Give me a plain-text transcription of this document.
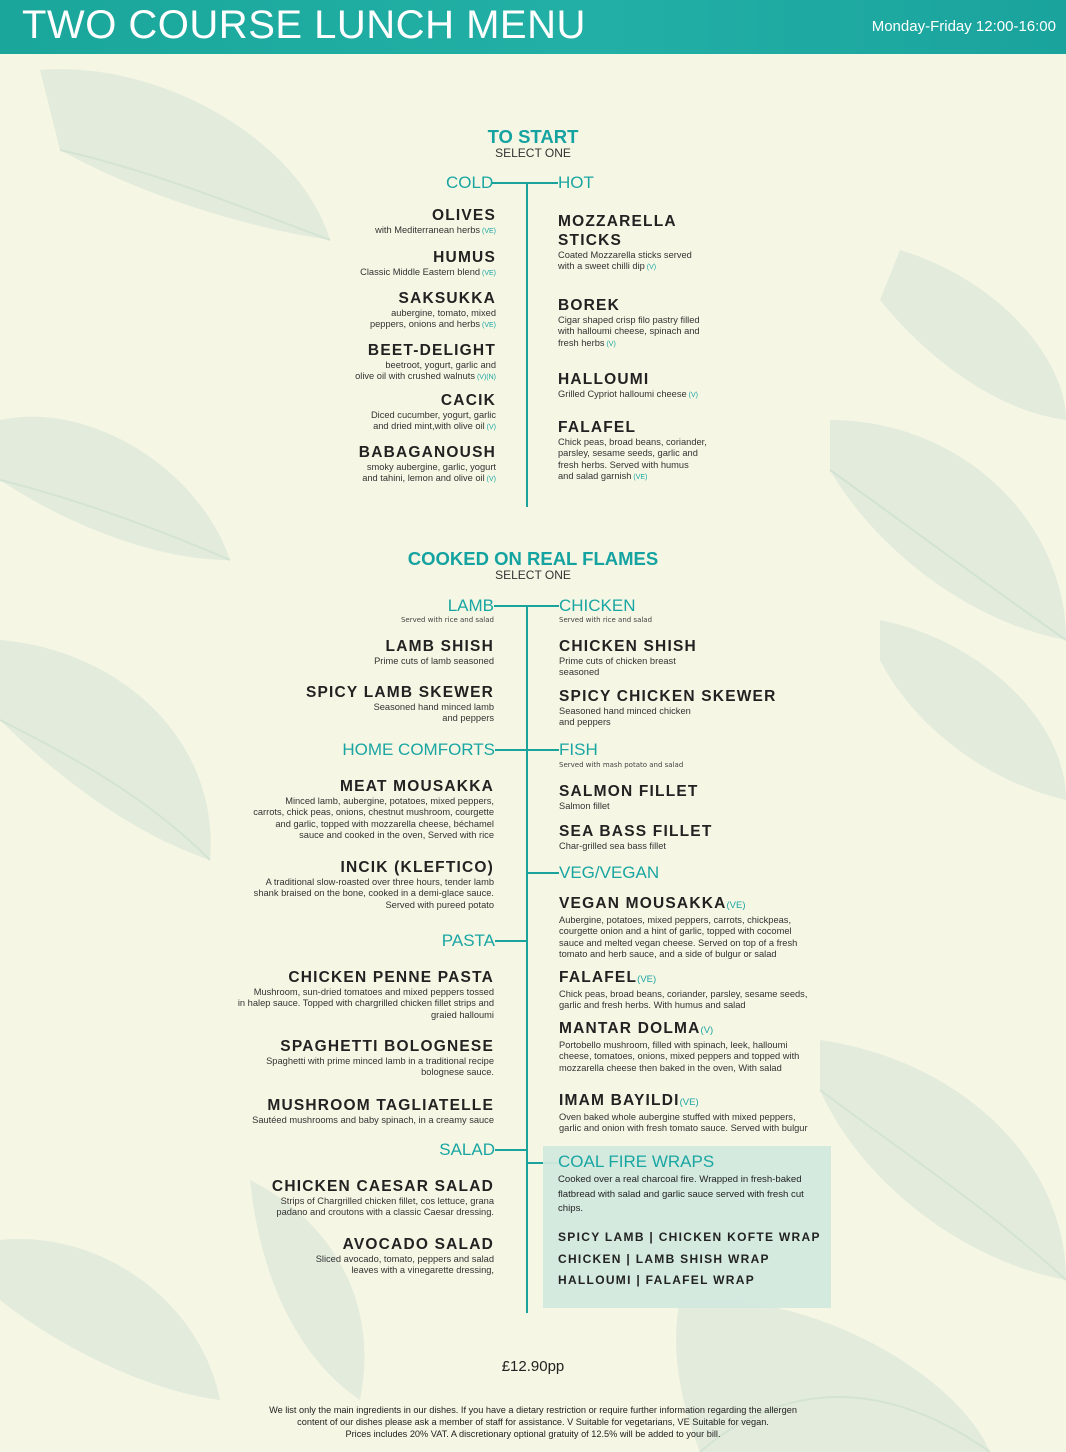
TWO COURSE LUNCH MENU	Monday-Friday 12:00-16:00
TO START
SELECT ONE
COLD	HOT
OLIVES
with Mediterranean herbs (VE)
HUMUS
Classic Middle Eastern blend (VE)
SAKSUKKA
aubergine, tomato, mixed
peppers, onions and herbs (VE)
BEET-DELIGHT
beetroot, yogurt, garlic and
olive oil with crushed walnuts (V)(N)
CACIK
Diced cucumber, yogurt, garlic
and dried mint,with olive oil (V)
BABAGANOUSH
smoky aubergine, garlic, yogurt
and tahini, lemon and olive oil (V)
MOZZARELLA
STICKS
Coated Mozzarella sticks served
with a sweet chilli dip (V)
BOREK
Cigar shaped crisp filo pastry filled
with halloumi cheese, spinach and
fresh herbs (V)
HALLOUMI
Grilled Cypriot halloumi cheese (V)
FALAFEL
Chick peas, broad beans, coriander,
parsley, sesame seeds, garlic and
fresh herbs. Served with humus
and salad garnish (VE)
COOKED ON REAL FLAMES
SELECT ONE
LAMB
Served with rice and salad
CHICKEN
Served with rice and salad
HOME COMFORTS	FISH
Served with mash potato and salad
VEG/VEGAN
PASTA
SALAD
LAMB SHISH
Prime cuts of lamb seasoned
SPICY LAMB SKEWER
Seasoned hand minced lamb
and peppers
MEAT MOUSAKKA
Minced lamb, aubergine, potatoes, mixed peppers,
carrots, chick peas, onions, chestnut mushroom, courgette
and garlic, topped with mozzarella cheese, béchamel
sauce and cooked in the oven, Served with rice
INCIK (KLEFTICO)
A traditional slow-roasted over three hours, tender lamb
shank braised on the bone, cooked in a demi-glace sauce.
Served with pureed potato
CHICKEN PENNE PASTA
Mushroom, sun-dried tomatoes and mixed peppers tossed
in halep sauce. Topped with chargrilled chicken fillet strips and
graied halloumi
SPAGHETTI BOLOGNESE
Spaghetti with prime minced lamb in a traditional recipe
bolognese sauce.
MUSHROOM TAGLIATELLE
Sautéed mushrooms and baby spinach, in a creamy sauce
CHICKEN CAESAR SALAD
Strips of Chargrilled chicken fillet, cos lettuce, grana
padano and croutons with a classic Caesar dressing.
AVOCADO SALAD
Sliced avocado, tomato, peppers and salad
leaves with a vinegarette dressing,
CHICKEN SHISH
Prime cuts of chicken breast
seasoned
SPICY CHICKEN SKEWER
Seasoned hand minced chicken
and peppers
SALMON FILLET
Salmon fillet
SEA BASS FILLET
Char-grilled sea bass fillet
VEGAN MOUSAKKA(VE)
Aubergine, potatoes, mixed peppers, carrots, chickpeas,
courgette onion and a hint of garlic, topped with cocomel
sauce and melted vegan cheese. Served on top of a fresh
tomato and herb sauce, and a side of bulgur or salad
FALAFEL(VE)
Chick peas, broad beans, coriander, parsley, sesame seeds,
garlic and fresh herbs. With humus and salad
MANTAR DOLMA(V)
Portobello mushroom, filled with spinach, leek, halloumi
cheese, tomatoes, onions, mixed peppers and topped with
mozzarella cheese then baked in the oven, With salad
IMAM BAYILDI(VE)
Oven baked whole aubergine stuffed with mixed peppers,
garlic and onion with fresh tomato sauce. Served with bulgur
COAL FIRE WRAPS
Cooked over a real charcoal fire. Wrapped in fresh-baked flatbread with salad and garlic sauce served with fresh cut chips.
SPICY LAMB | CHICKEN KOFTE WRAP
CHICKEN | LAMB SHISH WRAP
HALLOUMI | FALAFEL WRAP
£12.90pp
We list only the main ingredients in our dishes. If you have a dietary restriction or require further information regarding the allergen
content of our dishes please ask a member of staff for assistance. V Suitable for vegetarians, VE Suitable for vegan.
Prices includes 20% VAT. A discretionary optional gratuity of 12.5% will be added to your bill.
